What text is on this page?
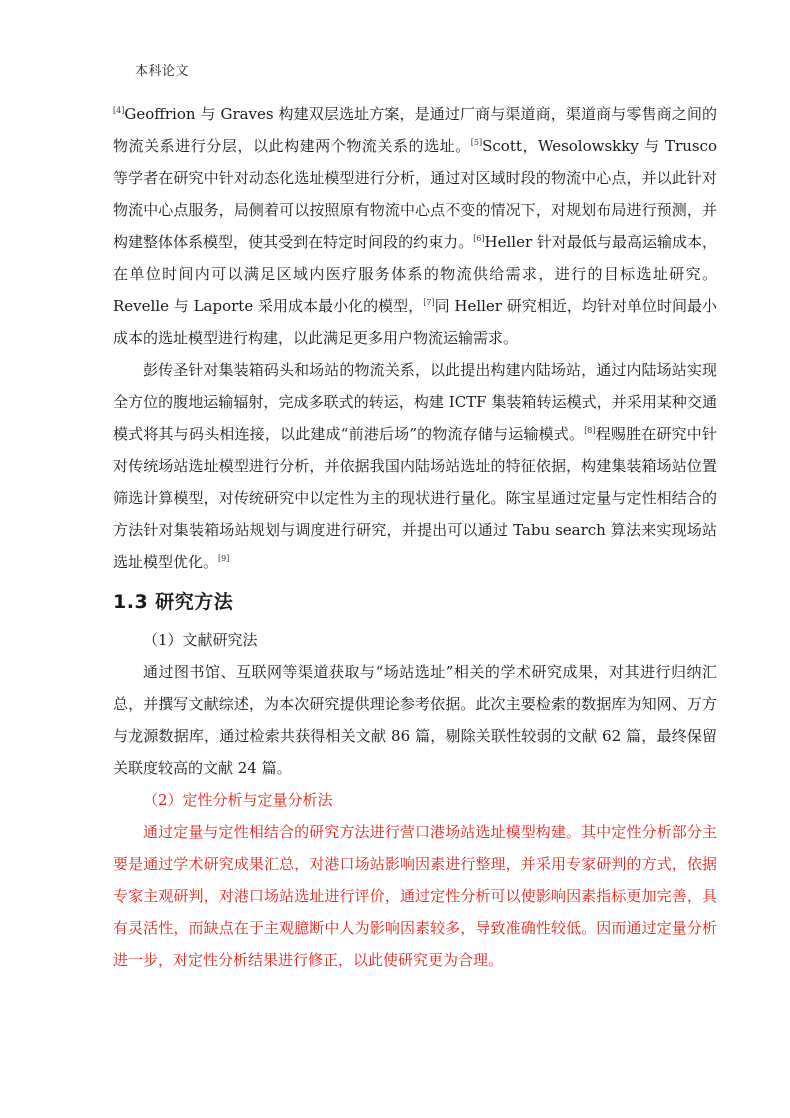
本科论文

[4]Geoffrion 与 Graves 构建双层选址方案，是通过厂商与渠道商，渠道商与零售商之间的物流关系进行分层，以此构建两个物流关系的选址。[5]Scott，Wesolowskky 与 Trusco 等学者在研究中针对动态化选址模型进行分析，通过对区域时段的物流中心点，并以此针对物流中心点服务，局侧着可以按照原有物流中心点不变的情况下，对规划布局进行预测，并构建整体体系模型，使其受到在特定时间段的约束力。[6]Heller 针对最低与最高运输成本，在单位时间内可以满足区域内医疗服务体系的物流供给需求，进行的目标选址研究。Revelle 与 Laporte 采用成本最小化的模型，[7]同 Heller 研究相近，均针对单位时间最小成本的选址模型进行构建，以此满足更多用户物流运输需求。

彭传圣针对集装箱码头和场站的物流关系，以此提出构建内陆场站，通过内陆场站实现全方位的腹地运输辐射，完成多联式的转运，构建 ICTF 集装箱转运模式，并采用某种交通模式将其与码头相连接，以此建成“前港后场”的物流存储与运输模式。[8]程赐胜在研究中针对传统场站选址模型进行分析，并依据我国内陆场站选址的特征依据，构建集装箱场站位置筛选计算模型，对传统研究中以定性为主的现状进行量化。陈宝星通过定量与定性相结合的方法针对集装箱场站规划与调度进行研究，并提出可以通过 Tabu search 算法来实现场站选址模型优化。[9]

1.3 研究方法

（1）文献研究法

通过图书馆、互联网等渠道获取与“场站选址”相关的学术研究成果，对其进行归纳汇总，并撰写文献综述，为本次研究提供理论参考依据。此次主要检索的数据库为知网、万方与龙源数据库，通过检索共获得相关文献 86 篇，剔除关联性较弱的文献 62 篇，最终保留关联度较高的文献 24 篇。

（2）定性分析与定量分析法

通过定量与定性相结合的研究方法进行营口港场站选址模型构建。其中定性分析部分主要是通过学术研究成果汇总，对港口场站影响因素进行整理，并采用专家研判的方式，依据专家主观研判，对港口场站选址进行评价，通过定性分析可以使影响因素指标更加完善，具有灵活性，而缺点在于主观臆断中人为影响因素较多，导致准确性较低。因而通过定量分析进一步，对定性分析结果进行修正，以此使研究更为合理。
